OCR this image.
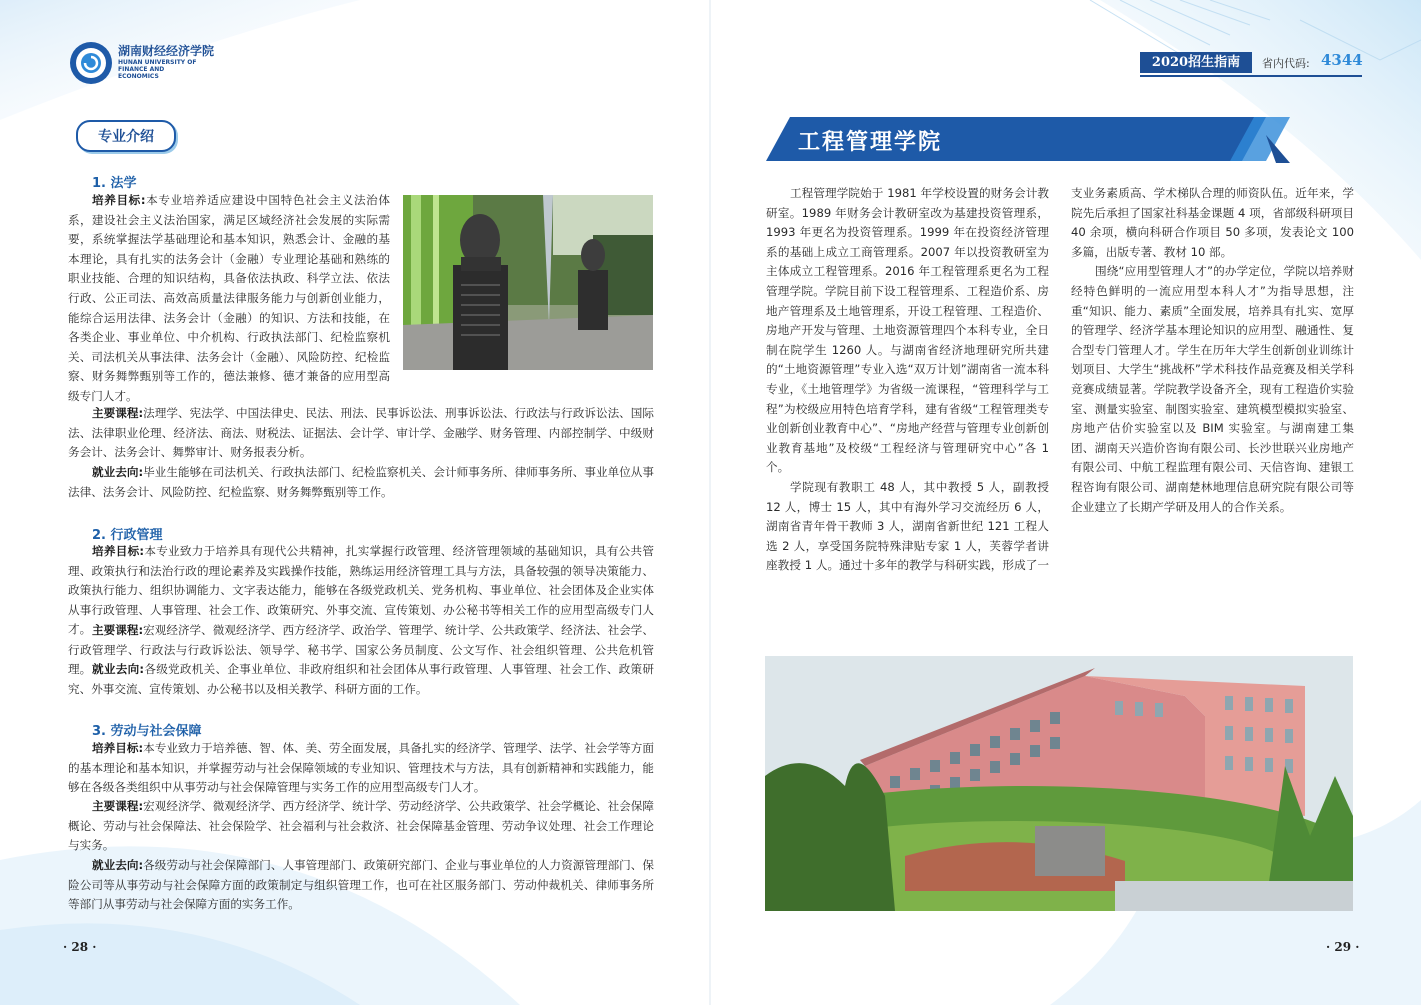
湖南财经经济学院
HUNAN UNIVERSITY OF
FINANCE AND
ECONOMICS
2020招生指南	省内代码: 4344
专业介绍
1. 法学
培养目标:本专业培养适应建设中国特色社会主义法治体系，建设社会主义法治国家，满足区域经济社会发展的实际需要，系统掌握法学基础理论和基本知识，熟悉会计、金融的基本理论，具有扎实的法务会计（金融）专业理论基础和熟练的职业技能、合理的知识结构，具备依法执政、科学立法、依法行政、公正司法、高效高质量法律服务能力与创新创业能力，能综合运用法律、法务会计（金融）的知识、方法和技能，在各类企业、事业单位、中介机构、行政执法部门、纪检监察机关、司法机关从事法律、法务会计（金融）、风险防控、纪检监察、财务舞弊甄别等工作的，德法兼修、德才兼备的应用型高级专门人才。
主要课程:法理学、宪法学、中国法律史、民法、刑法、民事诉讼法、刑事诉讼法、行政法与行政诉讼法、国际法、法律职业伦理、经济法、商法、财税法、证据法、会计学、审计学、金融学、财务管理、内部控制学、中级财务会计、法务会计、舞弊审计、财务报表分析。
就业去向:毕业生能够在司法机关、行政执法部门、纪检监察机关、会计师事务所、律师事务所、事业单位从事法律、法务会计、风险防控、纪检监察、财务舞弊甄别等工作。
2. 行政管理
培养目标:本专业致力于培养具有现代公共精神，扎实掌握行政管理、经济管理领域的基础知识，具有公共管理、政策执行和法治行政的理论素养及实践操作技能，熟练运用经济管理工具与方法，具备较强的领导决策能力、政策执行能力、组织协调能力、文字表达能力，能够在各级党政机关、党务机构、事业单位、社会团体及企业实体从事行政管理、人事管理、社会工作、政策研究、外事交流、宣传策划、办公秘书等相关工作的应用型高级专门人才。 主要课程:宏观经济学、微观经济学、西方经济学、政治学、管理学、统计学、公共政策学、经济法、社会学、行政管理学、行政法与行政诉讼法、领导学、秘书学、国家公务员制度、公文写作、社会组织管理、公共危机管理。 就业去向:各级党政机关、企事业单位、非政府组织和社会团体从事行政管理、人事管理、社会工作、政策研究、外事交流、宣传策划、办公秘书以及相关教学、科研方面的工作。
3. 劳动与社会保障
培养目标:本专业致力于培养德、智、体、美、劳全面发展，具备扎实的经济学、管理学、法学、社会学等方面的基本理论和基本知识，并掌握劳动与社会保障领域的专业知识、管理技术与方法，具有创新精神和实践能力，能够在各级各类组织中从事劳动与社会保障管理与实务工作的应用型高级专门人才。
主要课程:宏观经济学、微观经济学、西方经济学、统计学、劳动经济学、公共政策学、社会学概论、社会保障概论、劳动与社会保障法、社会保险学、社会福利与社会救济、社会保障基金管理、劳动争议处理、社会工作理论与实务。
就业去向:各级劳动与社会保障部门、人事管理部门、政策研究部门、企业与事业单位的人力资源管理部门、保险公司等从事劳动与社会保障方面的政策制定与组织管理工作，也可在社区服务部门、劳动仲裁机关、律师事务所等部门从事劳动与社会保障方面的实务工作。
· 28 ·
工程管理学院

工程管理学院始于 1981 年学校设置的财务会计教研室。1989 年财务会计教研室改为基建投资管理系，1993 年更名为投资管理系。1999 年在投资经济管理系的基础上成立工商管理系。2007 年以投资教研室为主体成立工程管理系。2016 年工程管理系更名为工程管理学院。学院目前下设工程管理系、工程造价系、房地产管理系及土地管理系，开设工程管理、工程造价、房地产开发与管理、土地资源管理四个本科专业，全日制在院学生 1260 人。与湖南省经济地理研究所共建的“土地资源管理”专业入选“双万计划”湖南省一流本科专业，《土地管理学》为省级一流课程，“管理科学与工程”为校级应用特色培育学科，建有省级“工程管理类专业创新创业教育中心”、“房地产经营与管理专业创新创业教育基地”及校级“工程经济与管理研究中心”各 1 个。

学院现有教职工 48 人，其中教授 5 人，副教授 12 人，博士 15 人，其中有海外学习交流经历 6 人，湖南省青年骨干教师 3 人，湖南省新世纪 121 工程人选 2 人，享受国务院特殊津贴专家 1 人，芙蓉学者讲座教授 1 人。通过十多年的教学与科研实践，形成了一支业务素质高、学术梯队合理的师资队伍。近年来，学院先后承担了国家社科基金课题 4 项，省部级科研项目 40 余项，横向科研合作项目 50 多项，发表论文 100 多篇，出版专著、教材 10 部。

围绕“应用型管理人才”的办学定位，学院以培养财经特色鲜明的一流应用型本科人才”为指导思想，注重“知识、能力、素质”全面发展，培养具有扎实、宽厚的管理学、经济学基本理论知识的应用型、融通性、复合型专门管理人才。学生在历年大学生创新创业训练计划项目、大学生“挑战杯”学术科技作品竞赛及相关学科竞赛成绩显著。学院教学设备齐全，现有工程造价实验室、测量实验室、制图实验室、建筑模型模拟实验室、房地产估价实验室以及 BIM 实验室。与湖南建工集团、湖南天兴造价咨询有限公司、长沙世联兴业房地产有限公司、中航工程监理有限公司、天信咨询、建银工程咨询有限公司、湖南楚林地理信息研究院有限公司等企业建立了长期产学研及用人的合作关系。

· 29 ·
